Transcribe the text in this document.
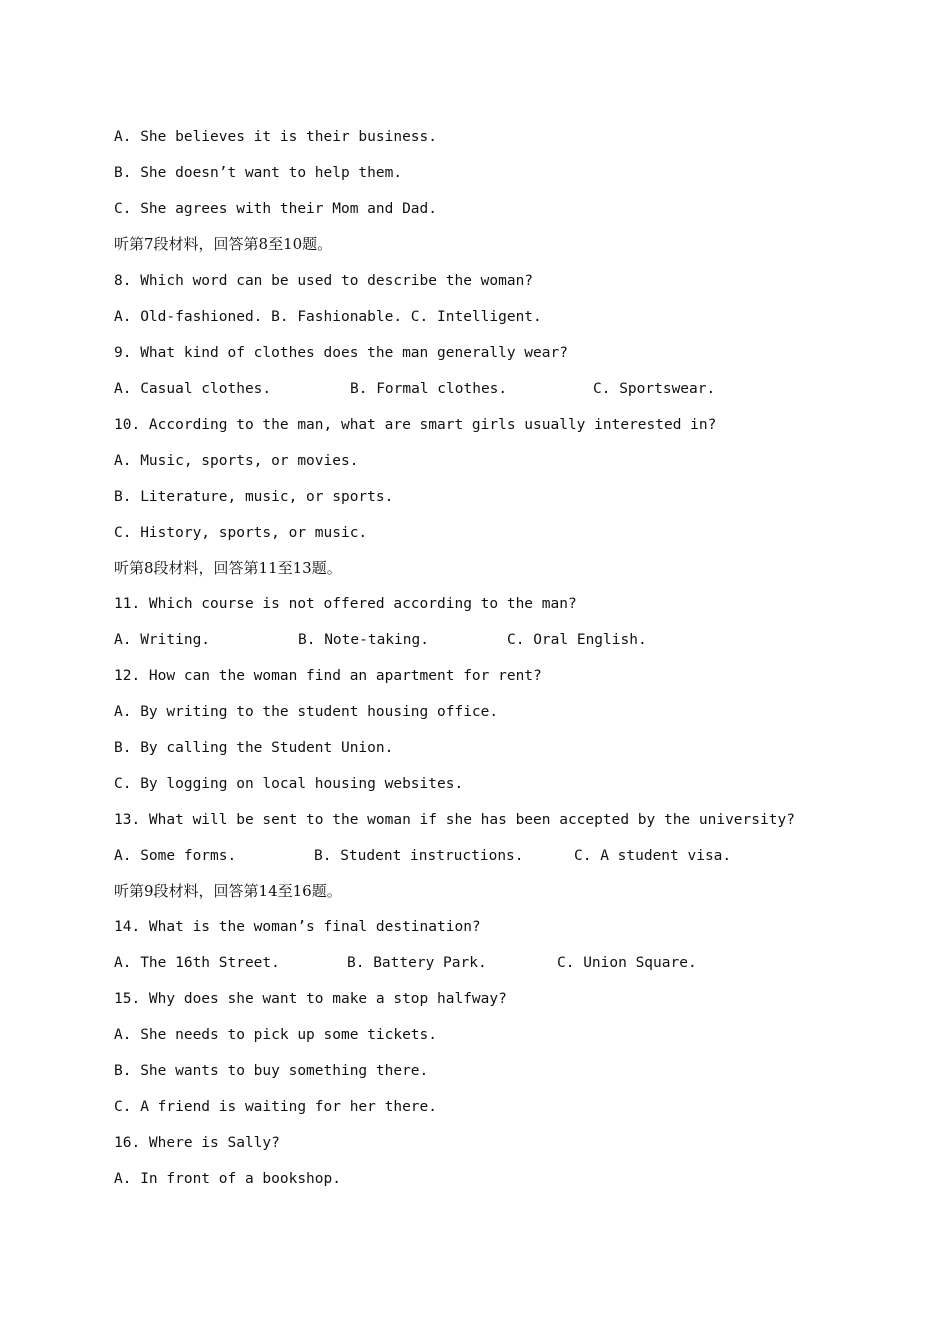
A. She believes it is their business.
B. She doesn’t want to help them.
C. She agrees with their Mom and Dad.
听第7段材料，回答第8至10题。
8. Which word can be used to describe the woman?
A. Old-fashioned. B. Fashionable. C. Intelligent.
9. What kind of clothes does the man generally wear?

A. Casual clothes.

	B. Formal clothes.

	C. Sportswear.

10. According to the man, what are smart girls usually interested in?
A. Music, sports, or movies.
B. Literature, music, or sports.
C. History, sports, or music.
听第8段材料，回答第11至13题。
11. Which course is not offered according to the man?

A. Writing.

	B. Note-taking.

	C. Oral English.

12. How can the woman find an apartment for rent?
A. By writing to the student housing office.
B. By calling the Student Union.
C. By logging on local housing websites.
13. What will be sent to the woman if she has been accepted by the university?

A. Some forms.

	B. Student instructions.

	C. A student visa.

听第9段材料，回答第14至16题。
14. What is the woman’s final destination?

A. The 16th Street.

	B. Battery Park.

	C. Union Square.

15. Why does she want to make a stop halfway?
A. She needs to pick up some tickets.
B. She wants to buy something there.
C. A friend is waiting for her there.
16. Where is Sally?
A. In front of a bookshop.
